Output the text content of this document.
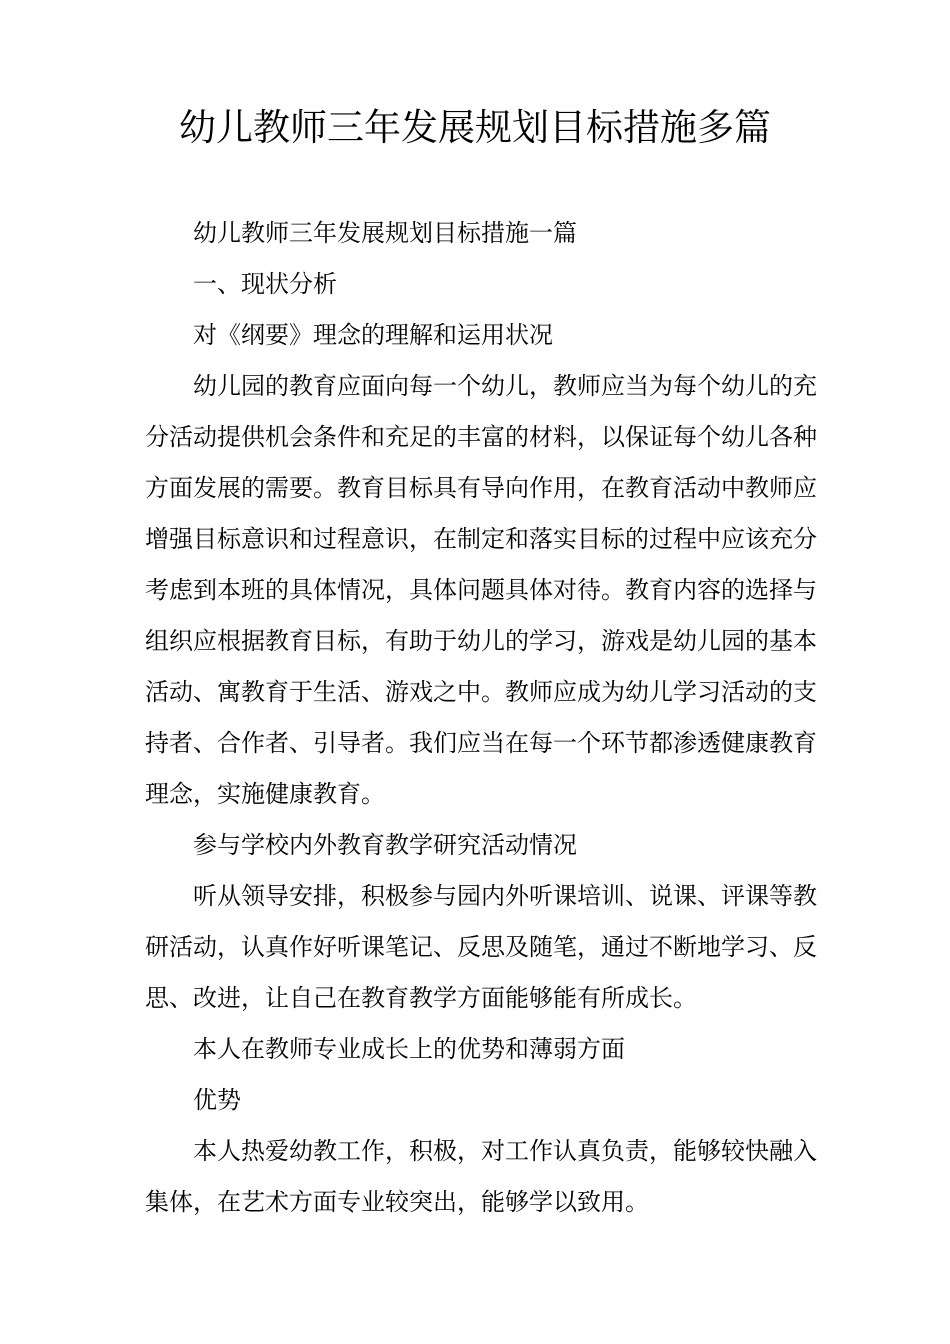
幼儿教师三年发展规划目标措施多篇

幼儿教师三年发展规划目标措施一篇

一、现状分析

对《纲要》理念的理解和运用状况

幼儿园的教育应面向每一个幼儿，教师应当为每个幼儿的充分活动提供机会条件和充足的丰富的材料，以保证每个幼儿各种方面发展的需要。教育目标具有导向作用，在教育活动中教师应增强目标意识和过程意识，在制定和落实目标的过程中应该充分考虑到本班的具体情况，具体问题具体对待。教育内容的选择与组织应根据教育目标，有助于幼儿的学习，游戏是幼儿园的基本活动、寓教育于生活、游戏之中。教师应成为幼儿学习活动的支持者、合作者、引导者。我们应当在每一个环节都渗透健康教育理念，实施健康教育。

参与学校内外教育教学研究活动情况

听从领导安排，积极参与园内外听课培训、说课、评课等教研活动，认真作好听课笔记、反思及随笔，通过不断地学习、反思、改进，让自己在教育教学方面能够能有所成长。

本人在教师专业成长上的优势和薄弱方面

优势

本人热爱幼教工作，积极，对工作认真负责，能够较快融入集体，在艺术方面专业较突出，能够学以致用。
